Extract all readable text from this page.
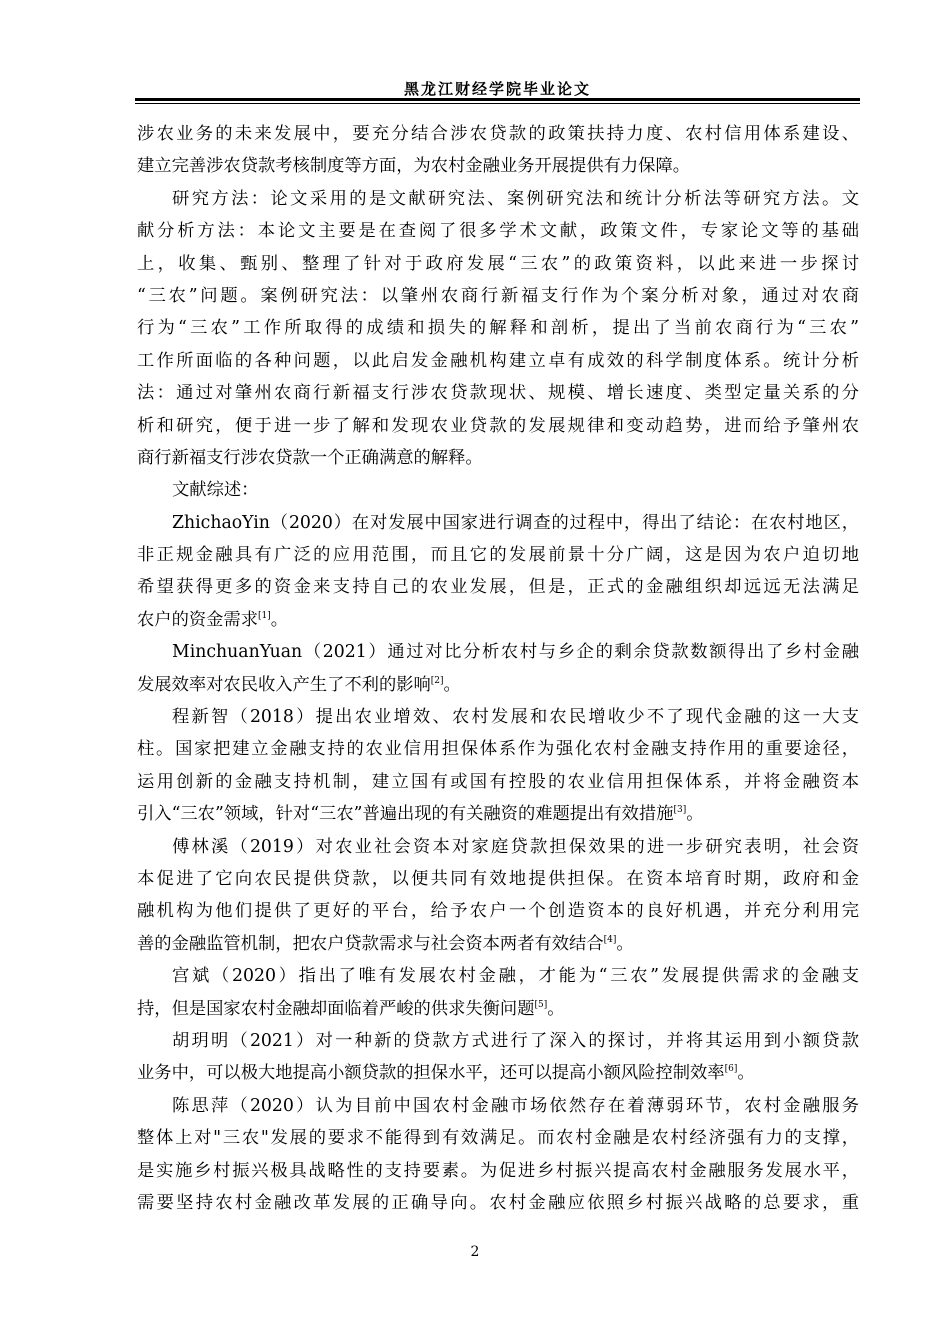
黑龙江财经学院毕业论文
涉农业务的未来发展中，要充分结合涉农贷款的政策扶持力度、农村信用体系建设、
建立完善涉农贷款考核制度等方面，为农村金融业务开展提供有力保障。
研究方法：论文采用的是文献研究法、案例研究法和统计分析法等研究方法。文
献分析方法：本论文主要是在查阅了很多学术文献，政策文件，专家论文等的基础
上，收集、甄别、整理了针对于政府发展“三农”的政策资料，以此来进一步探讨
“三农”问题。案例研究法：以肇州农商行新福支行作为个案分析对象，通过对农商
行为“三农”工作所取得的成绩和损失的解释和剖析，提出了当前农商行为“三农”
工作所面临的各种问题，以此启发金融机构建立卓有成效的科学制度体系。统计分析
法：通过对肇州农商行新福支行涉农贷款现状、规模、增长速度、类型定量关系的分
析和研究，便于进一步了解和发现农业贷款的发展规律和变动趋势，进而给予肇州农
商行新福支行涉农贷款一个正确满意的解释。
文献综述：
ZhichaoYin（2020）在对发展中国家进行调查的过程中，得出了结论：在农村地区，
非正规金融具有广泛的应用范围，而且它的发展前景十分广阔，这是因为农户迫切地
希望获得更多的资金来支持自己的农业发展，但是，正式的金融组织却远远无法满足
农户的资金需求[1]。
MinchuanYuan（2021）通过对比分析农村与乡企的剩余贷款数额得出了乡村金融
发展效率对农民收入产生了不利的影响[2]。
程新智（2018）提出农业增效、农村发展和农民增收少不了现代金融的这一大支
柱。国家把建立金融支持的农业信用担保体系作为强化农村金融支持作用的重要途径，
运用创新的金融支持机制，建立国有或国有控股的农业信用担保体系，并将金融资本
引入“三农”领域，针对“三农”普遍出现的有关融资的难题提出有效措施[3]。
傅林溪（2019）对农业社会资本对家庭贷款担保效果的进一步研究表明，社会资
本促进了它向农民提供贷款，以便共同有效地提供担保。在资本培育时期，政府和金
融机构为他们提供了更好的平台，给予农户一个创造资本的良好机遇，并充分利用完
善的金融监管机制，把农户贷款需求与社会资本两者有效结合[4]。
宫斌（2020）指出了唯有发展农村金融，才能为“三农”发展提供需求的金融支
持，但是国家农村金融却面临着严峻的供求失衡问题[5]。
胡玥明（2021）对一种新的贷款方式进行了深入的探讨，并将其运用到小额贷款
业务中，可以极大地提高小额贷款的担保水平，还可以提高小额风险控制效率[6]。
陈思萍（2020）认为目前中国农村金融市场依然存在着薄弱环节，农村金融服务
整体上对"三农"发展的要求不能得到有效满足。而农村金融是农村经济强有力的支撑，
是实施乡村振兴极具战略性的支持要素。为促进乡村振兴提高农村金融服务发展水平，
需要坚持农村金融改革发展的正确导向。农村金融应依照乡村振兴战略的总要求，重
2
